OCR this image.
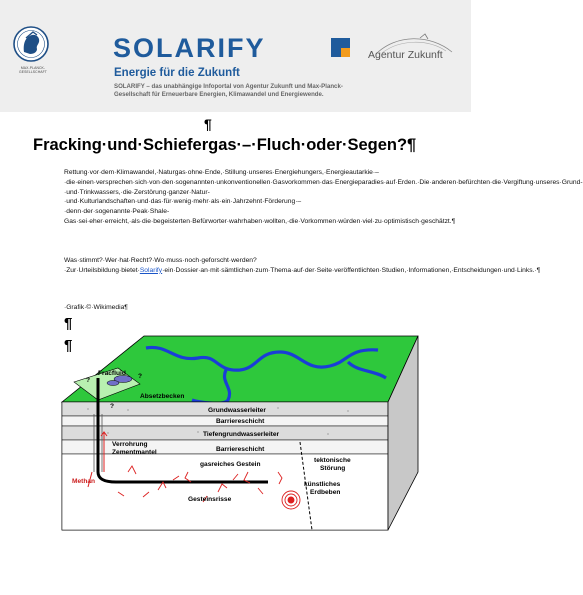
MAX-PLANCK-GESELLSCHAFT
SOLARIFY
Energie für die Zukunft
SOLARIFY – das unabhängige Infoportal von Agentur Zukunft und Max-Planck-Gesellschaft für Erneuerbare Energien, Klimawandel und Energiewende.
Agentur Zukunft
¶
Fracking·und·Schiefergas·–·Fluch·oder·Segen?¶
Rettung·vor·dem·Klimawandel,·Naturgas·ohne·Ende,·Stillung·unseres·Energiehungers,·Energieautarkie·–·die·einen·versprechen·sich·von·den·sogenannten·unkonventionellen·Gasvorkommen·das·Energieparadies·auf·Erden.·Die·anderen·befürchten·die·Vergiftung·unseres·Grund-·und·Trinkwassers,·die·Zerstörung·ganzer·Natur-·und·Kulturlandschaften·und·das·für·wenig·mehr·als·ein·Jahrzehnt·Förderung·–·denn·der·sogenannte·Peak·Shale-Gas·sei·eher·erreicht,·als·die·begeisterten·Befürworter·wahrhaben·wollten,·die·Vorkommen·würden·viel·zu·optimistisch·geschätzt.¶
Was·stimmt?·Wer·hat·Recht?·Wo·muss·noch·geforscht·werden?·Zur·Urteilsbildung·bietet·Solarify·ein·Dossier·an·mit·sämtlichen·zum·Thema·auf·der·Seite·veröffentlichten·Studien,·Informationen,·Entscheidungen·und·Links.·¶
·Grafik·©·Wikimedia¶
¶
¶
Fracfluid
Absetzbecken
Grundwasserleiter
Barriereschicht
Tiefengrundwasserleiter
Barriereschicht
Verrohrung
Zementmantel
gasreiches Gestein
tektonische
Störung
Methan	künstliches
Erdbeben
Gesteinsrisse
?
?
?
